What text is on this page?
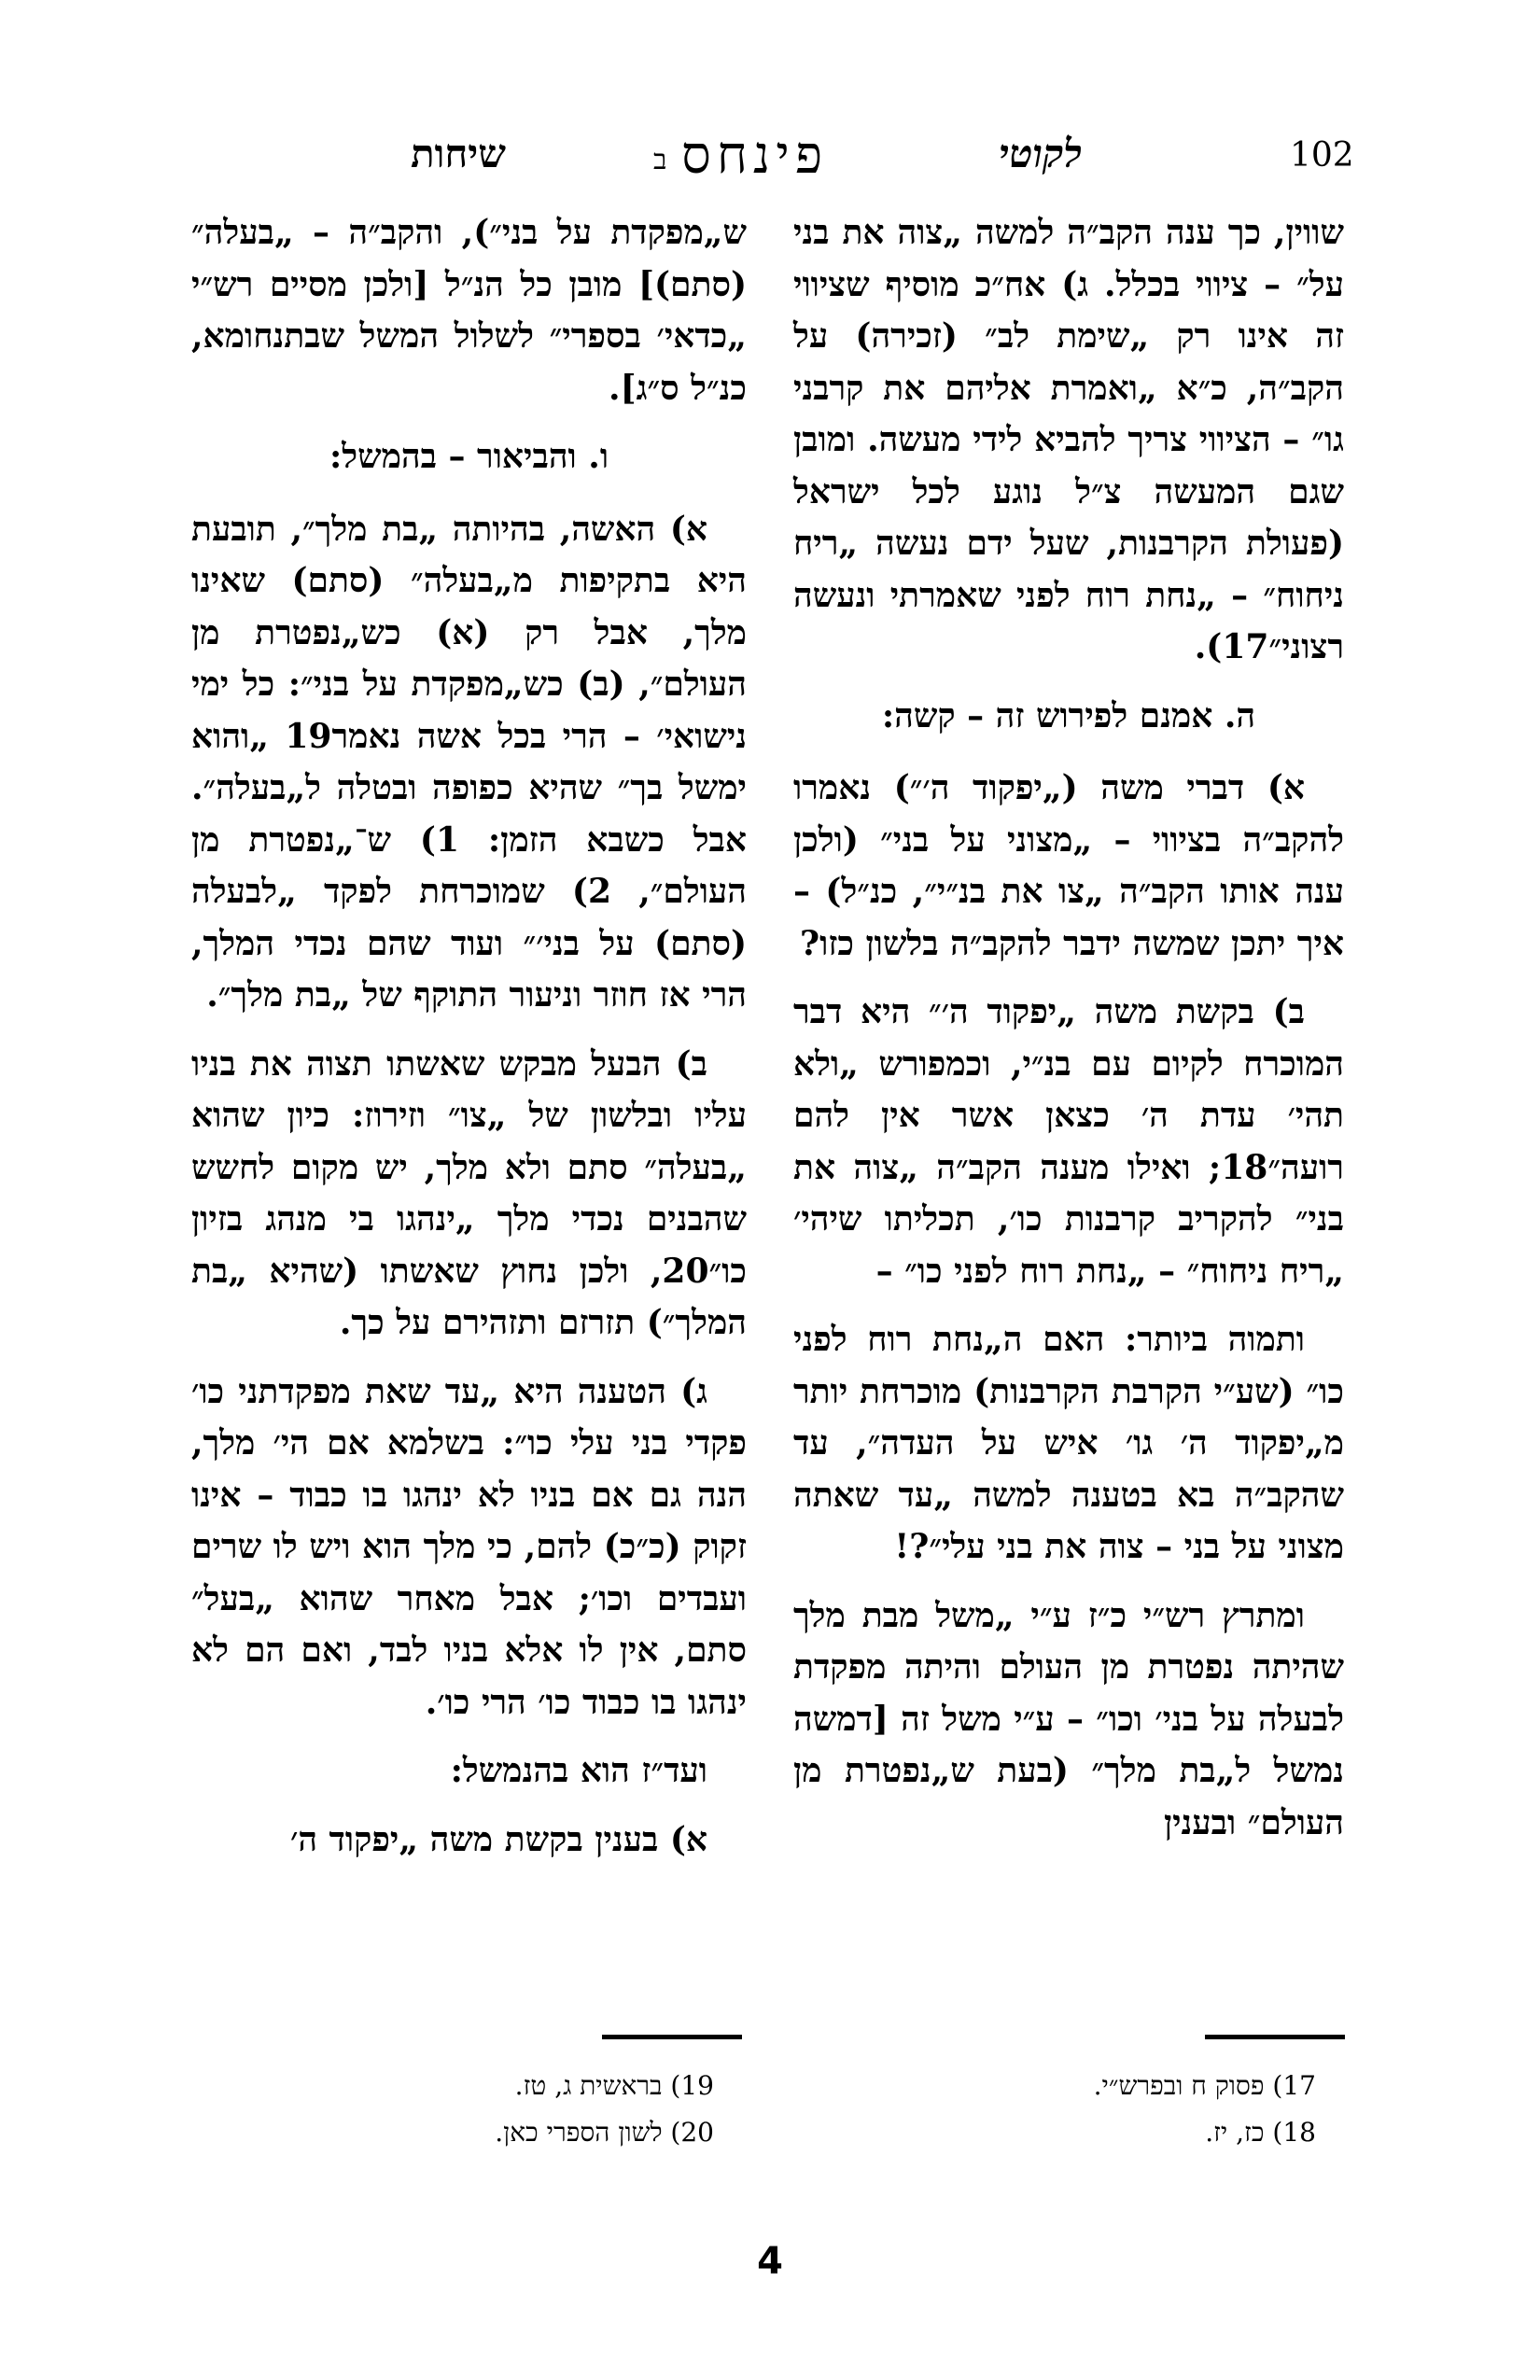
102
לקוטי
פינחס
ב
שיחות

שווין, כך ענה הקב״ה למשה „צוה את בני על״ – ציווי בכלל. ג) אח״כ מוסיף שציווי זה אינו רק „שימת לב״ (זכירה) על הקב״ה, כ״א „ואמרת אליהם את קרבני גו״ – הציווי צריך להביא לידי מעשה. ומובן שגם המעשה צ״ל נוגע לכל ישראל (פעולת הקרבנות, שעל ידם נעשה „ריח ניחוח״ – „נחת רוח לפני שאמרתי ונעשה רצוני״17).

ה. אמנם לפירוש זה – קשה:

א) דברי משה („יפקוד ה׳״) נאמרו להקב״ה בציווי – „מצוני על בני״ (ולכן ענה אותו הקב״ה „צו את בנ״י״, כנ״ל) – איך יתכן שמשה ידבר להקב״ה בלשון כזו?

ב) בקשת משה „יפקוד ה׳״ היא דבר המוכרח לקיום עם בנ״י, וכמפורש „ולא תהי׳ עדת ה׳ כצאן אשר אין להם רועה״18; ואילו מענה הקב״ה „צוה את בני״ להקריב קרבנות כו׳, תכליתו שיהי׳ „ריח ניחוח״ – „נחת רוח לפני כו״ –

ותמוה ביותר: האם ה„נחת רוח לפני כו״ (שע״י הקרבת הקרבנות) מוכרחת יותר מ„יפקוד ה׳ גו׳ איש על העדה״, עד שהקב״ה בא בטענה למשה „עד שאתה מצוני על בני – צוה את בני עלי״?!

ומתרץ רש״י כ״ז ע״י „משל מבת מלך שהיתה נפטרת מן העולם והיתה מפקדת לבעלה על בני׳ וכו״ – ע״י משל זה [דמשה נמשל ל„בת מלך״ (בעת ש„נפטרת מן העולם״ ובענין

ש„מפקדת על בני״), והקב״ה – „בעלה״ (סתם)] מובן כל הנ״ל [ולכן מסיים רש״י „כדאי׳ בספרי״ לשלול המשל שבתנחומא, כנ״ל ס״ג].

ו. והביאור – בהמשל:

א) האשה, בהיותה „בת מלך״, תובעת היא בתקיפות מ„בעלה״ (סתם) שאינו מלך, אבל רק (א) כש„נפטרת מן העולם״, (ב) כש„מפקדת על בני״: כל ימי נישואי׳ – הרי בכל אשה נאמר19 „והוא ימשל בך״ שהיא כפופה ובטלה ל„בעלה״. אבל כשבא הזמן: 1) ש־„נפטרת מן העולם״, 2) שמוכרחת לפקד „לבעלה (סתם) על בני׳״ ועוד שהם נכדי המלך, הרי אז חוזר וניעור התוקף של „בת מלך״.

ב) הבעל מבקש שאשתו תצוה את בניו עליו ובלשון של „צו״ וזירוז: כיון שהוא „בעלה״ סתם ולא מלך, יש מקום לחשש שהבנים נכדי מלך „ינהגו בי מנהג בזיון כו״20, ולכן נחוץ שאשתו (שהיא „בת המלך״) תזרזם ותזהירם על כך.

ג) הטענה היא „עד שאת מפקדתני כו׳ פקדי בני עלי כו״: בשלמא אם הי׳ מלך, הנה גם אם בניו לא ינהגו בו כבוד – אינו זקוק (כ״כ) להם, כי מלך הוא ויש לו שרים ועבדים וכו׳; אבל מאחר שהוא „בעל״ סתם, אין לו אלא בניו לבד, ואם הם לא ינהגו בו כבוד כו׳ הרי כו׳.

ועד״ז הוא בהנמשל:

א) בענין בקשת משה „יפקוד ה׳

17) פסוק ח ובפרש״י.
18) כז, יז.
19) בראשית ג, טז.
20) לשון הספרי כאן.
4
